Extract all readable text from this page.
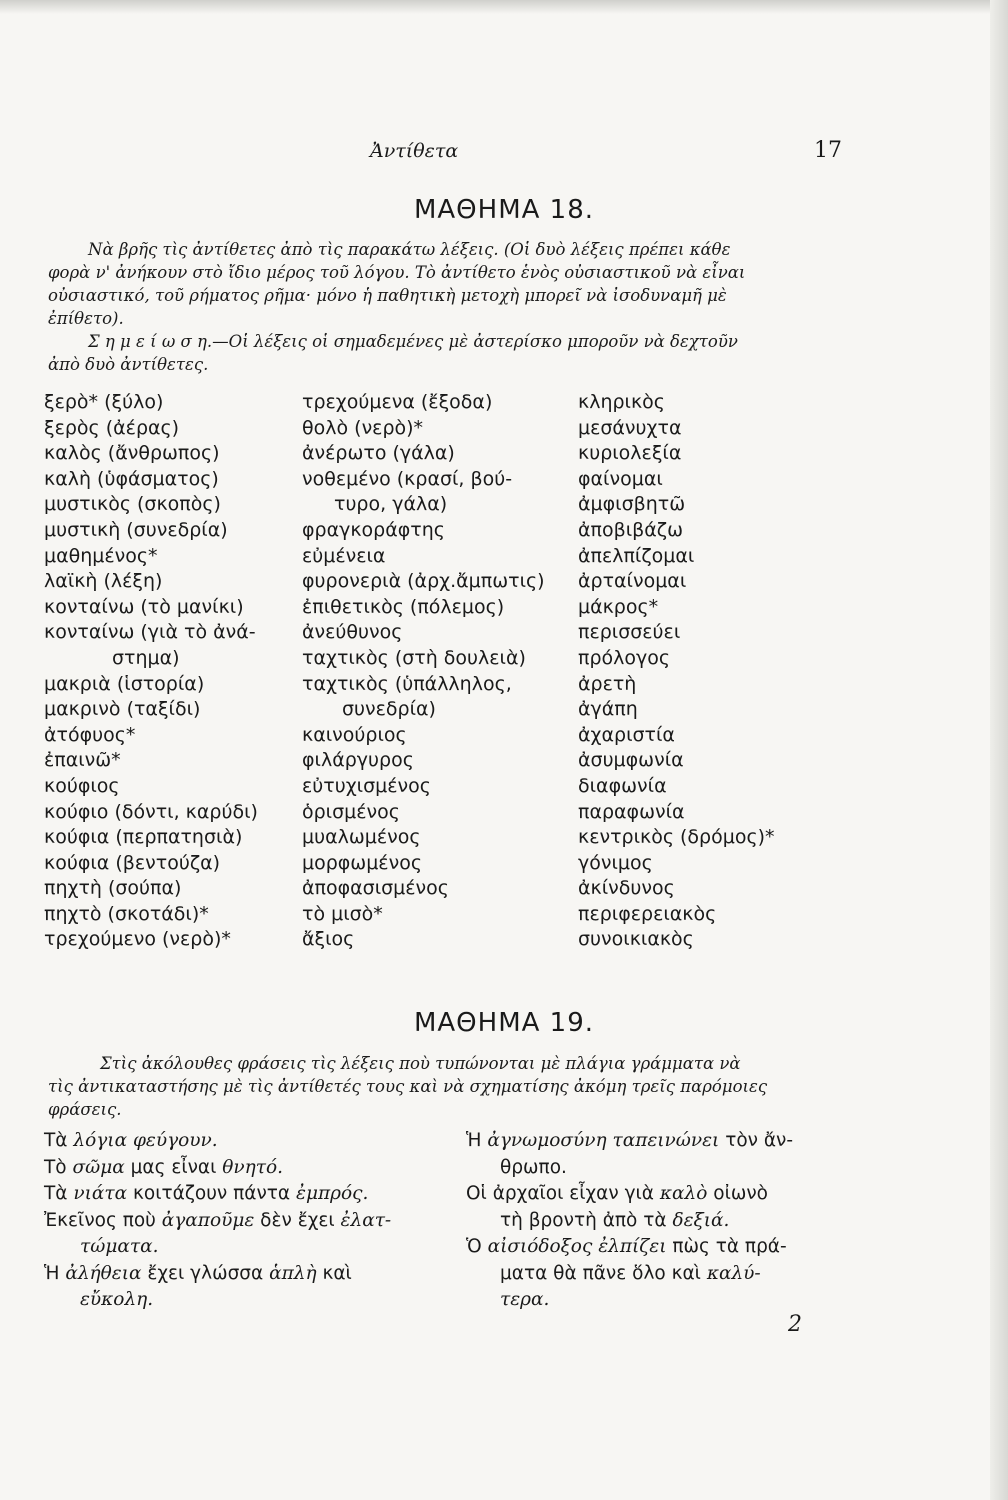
Ἀντίθετα	17
ΜΑΘΗΜΑ 18.
Νὰ βρῆς τὶς ἀντίθετες ἀπὸ τὶς παρακάτω λέξεις. (Οἱ δυὸ λέξεις πρέπει κάθε
φορὰ ν' ἀνήκουν στὸ ἴδιο μέρος τοῦ λόγου. Τὸ ἀντίθετο ἑνὸς οὐσιαστικοῦ νὰ εἶναι
οὐσιαστικό, τοῦ ρήματος ρῆμα· μόνο ἡ παθητικὴ μετοχὴ μπορεῖ νὰ ἰσοδυναμῆ μὲ
ἐπίθετο).
Σ η μ ε ί ω σ η.—Οἱ λέξεις οἱ σημαδεμένες μὲ ἀστερίσκο μποροῦν νὰ δεχτοῦν
ἀπὸ δυὸ ἀντίθετες.
ξερὸ* (ξύλο)
ξερὸς (ἀέρας)
καλὸς (ἄνθρωπος)
καλὴ (ὑφάσματος)
μυστικὸς (σκοπὸς)
μυστικὴ (συνεδρία)
μαθημένος*
λαϊκὴ (λέξη)
κονταίνω (τὸ μανίκι)
κονταίνω (γιὰ τὸ ἀνά-
στημα)
μακριὰ (ἱστορία)
μακρινὸ (ταξίδι)
ἀτόφυος*
ἐπαινῶ*
κούφιος
κούφιο (δόντι, καρύδι)
κούφια (περπατησιὰ)
κούφια (βεντούζα)
πηχτὴ (σούπα)
πηχτὸ (σκοτάδι)*
τρεχούμενο (νερὸ)*
τρεχούμενα (ἔξοδα)
θολὸ (νερὸ)*
ἀνέρωτο (γάλα)
νοθεμένο (κρασί, βού-
τυρο, γάλα)
φραγκοράφτης
εὐμένεια
φυρονεριὰ (ἀρχ.ἄμπωτις)
ἐπιθετικὸς (πόλεμος)
ἀνεύθυνος
ταχτικὸς (στὴ δουλειὰ)
ταχτικὸς (ὑπάλληλος,
συνεδρία)
καινούριος
φιλάργυρος
εὐτυχισμένος
ὁρισμένος
μυαλωμένος
μορφωμένος
ἀποφασισμένος
τὸ μισὸ*
ἄξιος
κληρικὸς
μεσάνυχτα
κυριολεξία
φαίνομαι
ἀμφισβητῶ
ἀποβιβάζω
ἀπελπίζομαι
ἀρταίνομαι
μάκρος*
περισσεύει
πρόλογος
ἀρετὴ
ἀγάπη
ἀχαριστία
ἀσυμφωνία
διαφωνία
παραφωνία
κεντρικὸς (δρόμος)*
γόνιμος
ἀκίνδυνος
περιφερειακὸς
συνοικιακὸς
ΜΑΘΗΜΑ 19.
Στὶς ἀκόλουθες φράσεις τὶς λέξεις ποὺ τυπώνονται μὲ πλάγια γράμματα νὰ
τὶς ἀντικαταστήσης μὲ τὶς ἀντίθετές τους καὶ νὰ σχηματίσης ἀκόμη τρεῖς παρόμοιες
φράσεις.
Τὰ λόγια φεύγουν.
Τὸ σῶμα μας εἶναι θνητό.
Τὰ νιάτα κοιτάζουν πάντα ἐμπρός.
Ἐκεῖνος ποὺ ἀγαποῦμε δὲν ἔχει ἐλατ-
τώματα.
Ἡ ἀλήθεια ἔχει γλώσσα ἁπλὴ καὶ
εὔκολη.
Ἡ ἀγνωμοσύνη ταπεινώνει τὸν ἄν-
θρωπο.
Οἱ ἀρχαῖοι εἶχαν γιὰ καλὸ οἰωνὸ
τὴ βροντὴ ἀπὸ τὰ δεξιά.
Ὁ αἰσιόδοξος ἐλπίζει πὼς τὰ πρά-
ματα θὰ πᾶνε ὅλο καὶ καλύ-
τερα.
2
